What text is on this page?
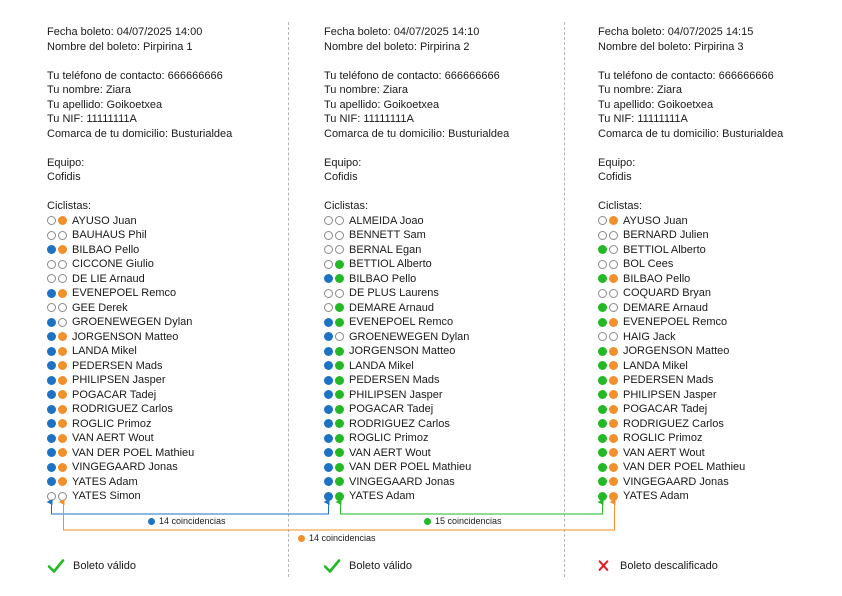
Fecha boleto: 04/07/2025 14:00
Nombre del boleto: Pirpirina 1
Tu teléfono de contacto: 666666666
Tu nombre: Ziara
Tu apellido: Goikoetxea
Tu NIF: 11111111A
Comarca de tu domicilio: Busturialdea
Equipo:
Cofidis
Ciclistas:
AYUSO Juan
BAUHAUS Phil
BILBAO Pello
CICCONE Giulio
DE LIE Arnaud
EVENEPOEL Remco
GEE Derek
GROENEWEGEN Dylan
JORGENSON Matteo
LANDA Mikel
PEDERSEN Mads
PHILIPSEN Jasper
POGACAR Tadej
RODRIGUEZ Carlos
ROGLIC Primoz
VAN AERT Wout
VAN DER POEL Mathieu
VINGEGAARD Jonas
YATES Adam
YATES Simon
Fecha boleto: 04/07/2025 14:10
Nombre del boleto: Pirpirina 2
Tu teléfono de contacto: 666666666
Tu nombre: Ziara
Tu apellido: Goikoetxea
Tu NIF: 11111111A
Comarca de tu domicilio: Busturialdea
Equipo:
Cofidis
Ciclistas:
ALMEIDA Joao
BENNETT Sam
BERNAL Egan
BETTIOL Alberto
BILBAO Pello
DE PLUS Laurens
DEMARE Arnaud
EVENEPOEL Remco
GROENEWEGEN Dylan
JORGENSON Matteo
LANDA Mikel
PEDERSEN Mads
PHILIPSEN Jasper
POGACAR Tadej
RODRIGUEZ Carlos
ROGLIC Primoz
VAN AERT Wout
VAN DER POEL Mathieu
VINGEGAARD Jonas
YATES Adam
Fecha boleto: 04/07/2025 14:15
Nombre del boleto: Pirpirina 3
Tu teléfono de contacto: 666666666
Tu nombre: Ziara
Tu apellido: Goikoetxea
Tu NIF: 11111111A
Comarca de tu domicilio: Busturialdea
Equipo:
Cofidis
Ciclistas:
AYUSO Juan
BERNARD Julien
BETTIOL Alberto
BOL Cees
BILBAO Pello
COQUARD Bryan
DEMARE Arnaud
EVENEPOEL Remco
HAIG Jack
JORGENSON Matteo
LANDA Mikel
PEDERSEN Mads
PHILIPSEN Jasper
POGACAR Tadej
RODRIGUEZ Carlos
ROGLIC Primoz
VAN AERT Wout
VAN DER POEL Mathieu
VINGEGAARD Jonas
YATES Adam
14 coincidencias	15 coincidencias
14 coincidencias
Boleto válido	Boleto válido	Boleto descalificado
